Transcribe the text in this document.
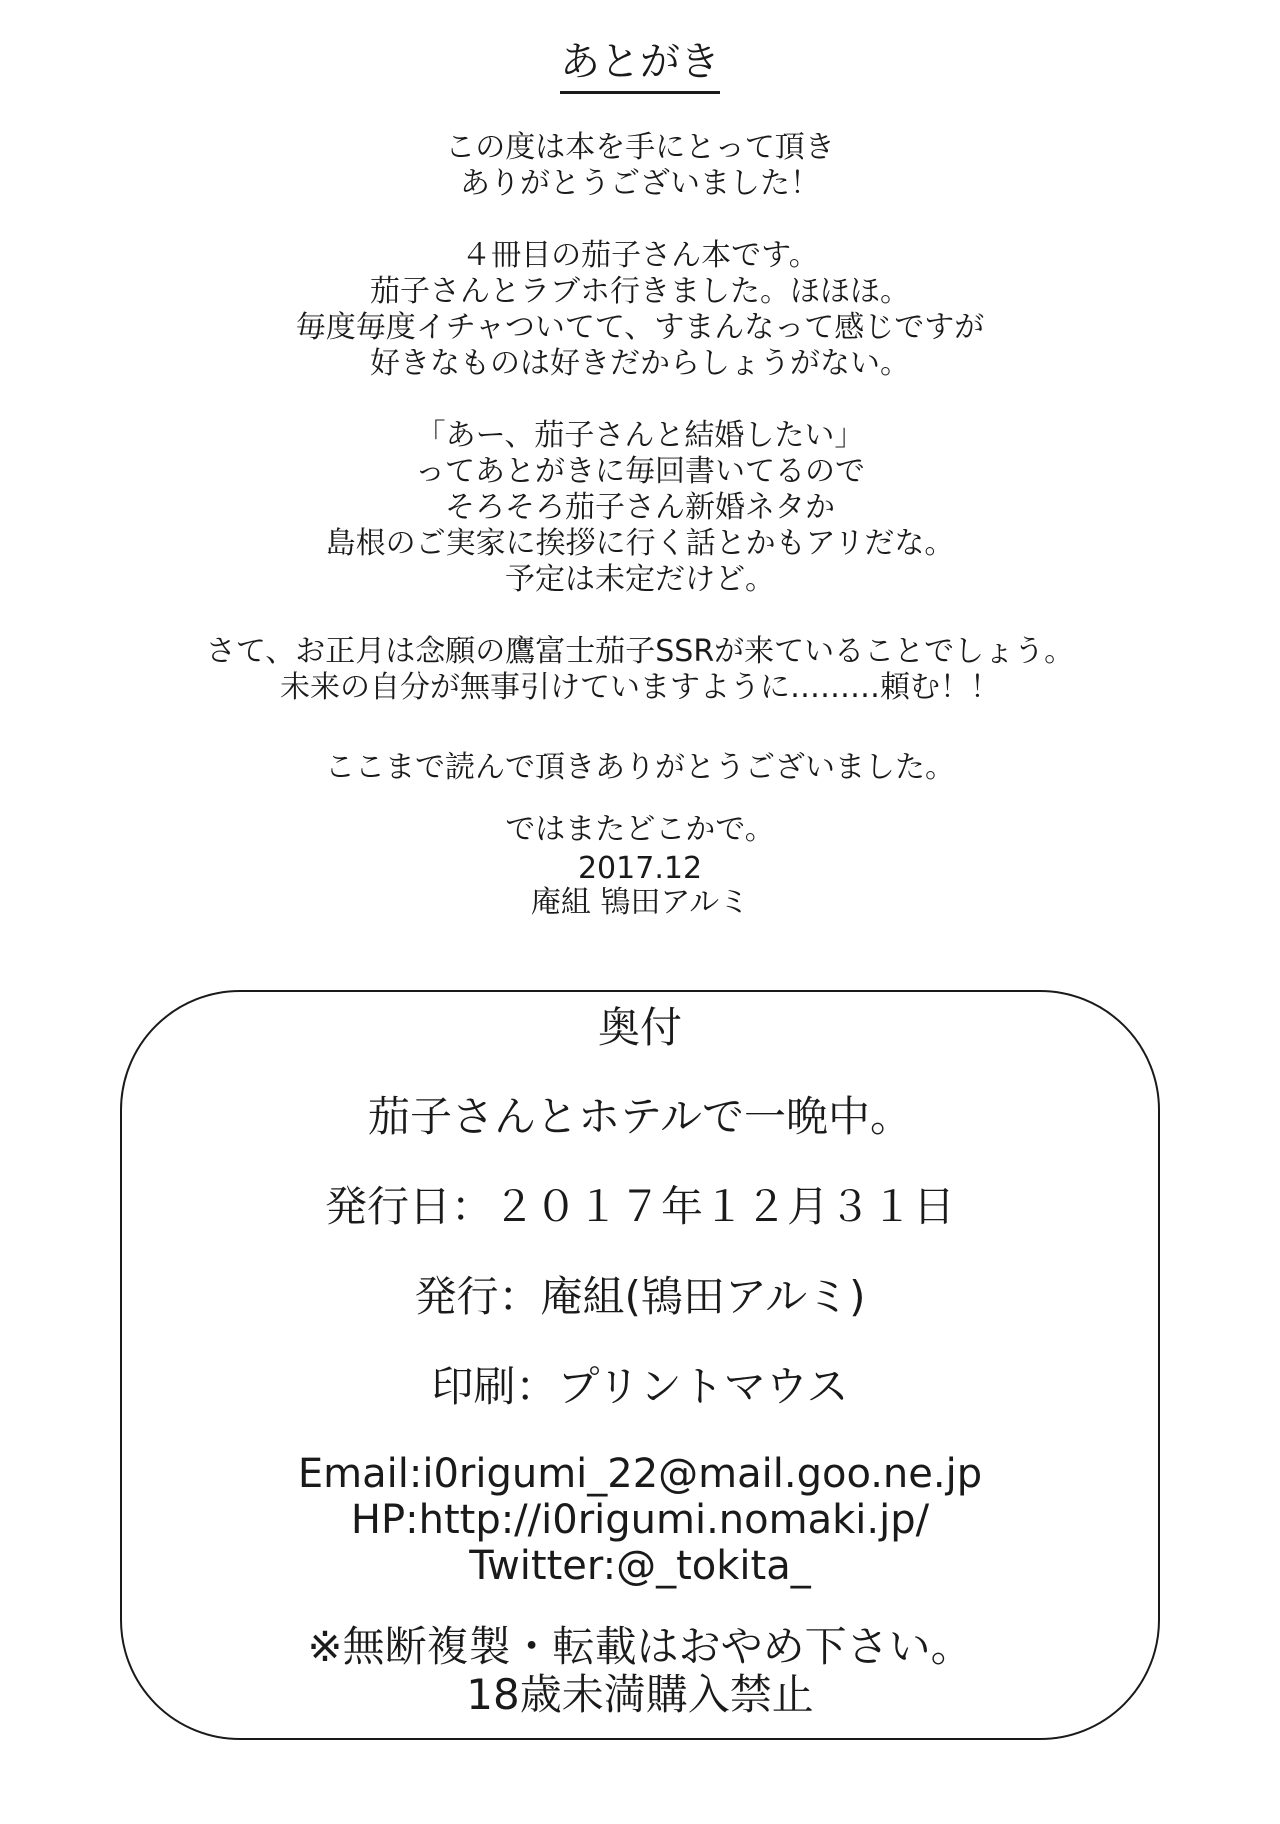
あとがき

この度は本を手にとって頂き
ありがとうございました！

４冊目の茄子さん本です。
茄子さんとラブホ行きました。ほほほ。
毎度毎度イチャついてて、すまんなって感じですが
好きなものは好きだからしょうがない。

「あー、茄子さんと結婚したい」
ってあとがきに毎回書いてるので
そろそろ茄子さん新婚ネタか
島根のご実家に挨拶に行く話とかもアリだな。
予定は未定だけど。

さて、お正月は念願の鷹富士茄子SSRが来ていることでしょう。
未来の自分が無事引けていますように………頼む！！

ここまで読んで頂きありがとうございました。

ではまたどこかで。

2017.12
庵組 鴇田アルミ
奥付
茄子さんとホテルで一晩中。
発行日：２０１７年１２月３１日
発行：庵組(鴇田アルミ)
印刷：プリントマウス
Email:i0rigumi_22@mail.goo.ne.jp
HP:http://i0rigumi.nomaki.jp/
Twitter:@_tokita_
※無断複製・転載はおやめ下さい。
18歳未満購入禁止
